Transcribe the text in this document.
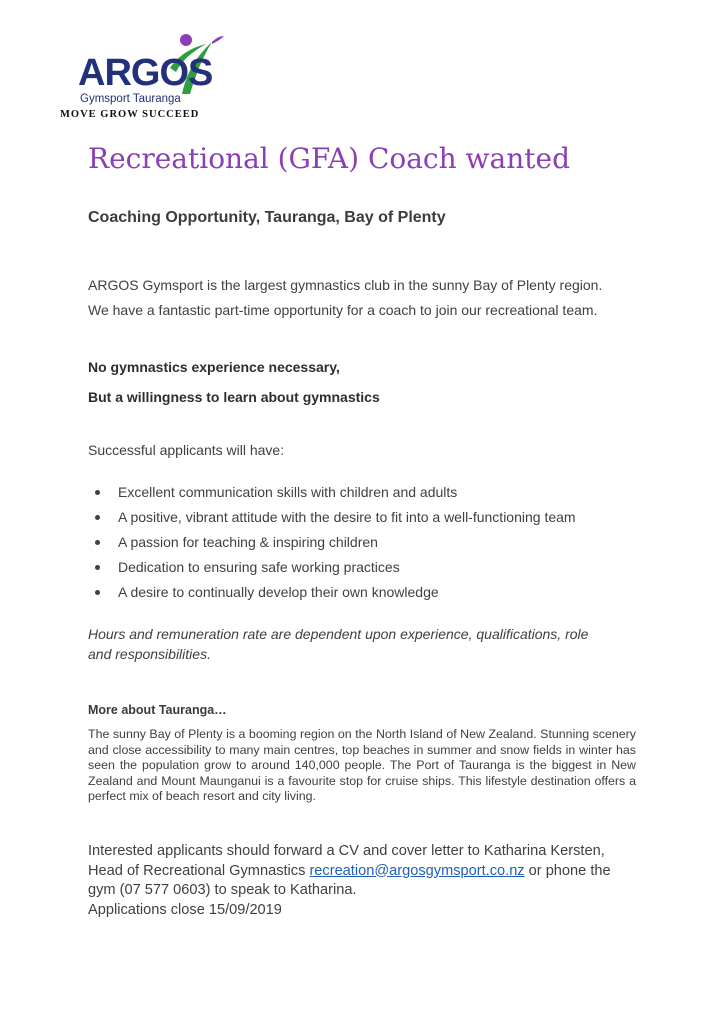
ARGOS
Gymsport Tauranga
MOVE GROW SUCCEED
Recreational (GFA) Coach wanted
Coaching Opportunity, Tauranga, Bay of Plenty

ARGOS Gymsport is the largest gymnastics club in the sunny Bay of Plenty region.

We have a fantastic part-time opportunity for a coach to join our recreational team.

No gymnastics experience necessary,

But a willingness to learn about gymnastics

Successful applicants will have:

Excellent communication skills with children and adults
A positive, vibrant attitude with the desire to fit into a well-functioning team
A passion for teaching & inspiring children
Dedication to ensuring safe working practices
A desire to continually develop their own knowledge

Hours and remuneration rate are dependent upon experience, qualifications, role

and responsibilities.

More about Tauranga…

The sunny Bay of Plenty is a booming region on the North Island of New Zealand. Stunning scenery and close accessibility to many main centres, top beaches in summer and snow fields in winter has seen the population grow to around 140,000 people. The Port of Tauranga is the biggest in New Zealand and Mount Maunganui is a favourite stop for cruise ships. This lifestyle destination offers a perfect mix of beach resort and city living.

Interested applicants should forward a CV and cover letter to Katharina Kersten,
Head of Recreational Gymnastics recreation@argosgymsport.co.nz or phone the
gym (07 577 0603) to speak to Katharina.
Applications close 15/09/2019
